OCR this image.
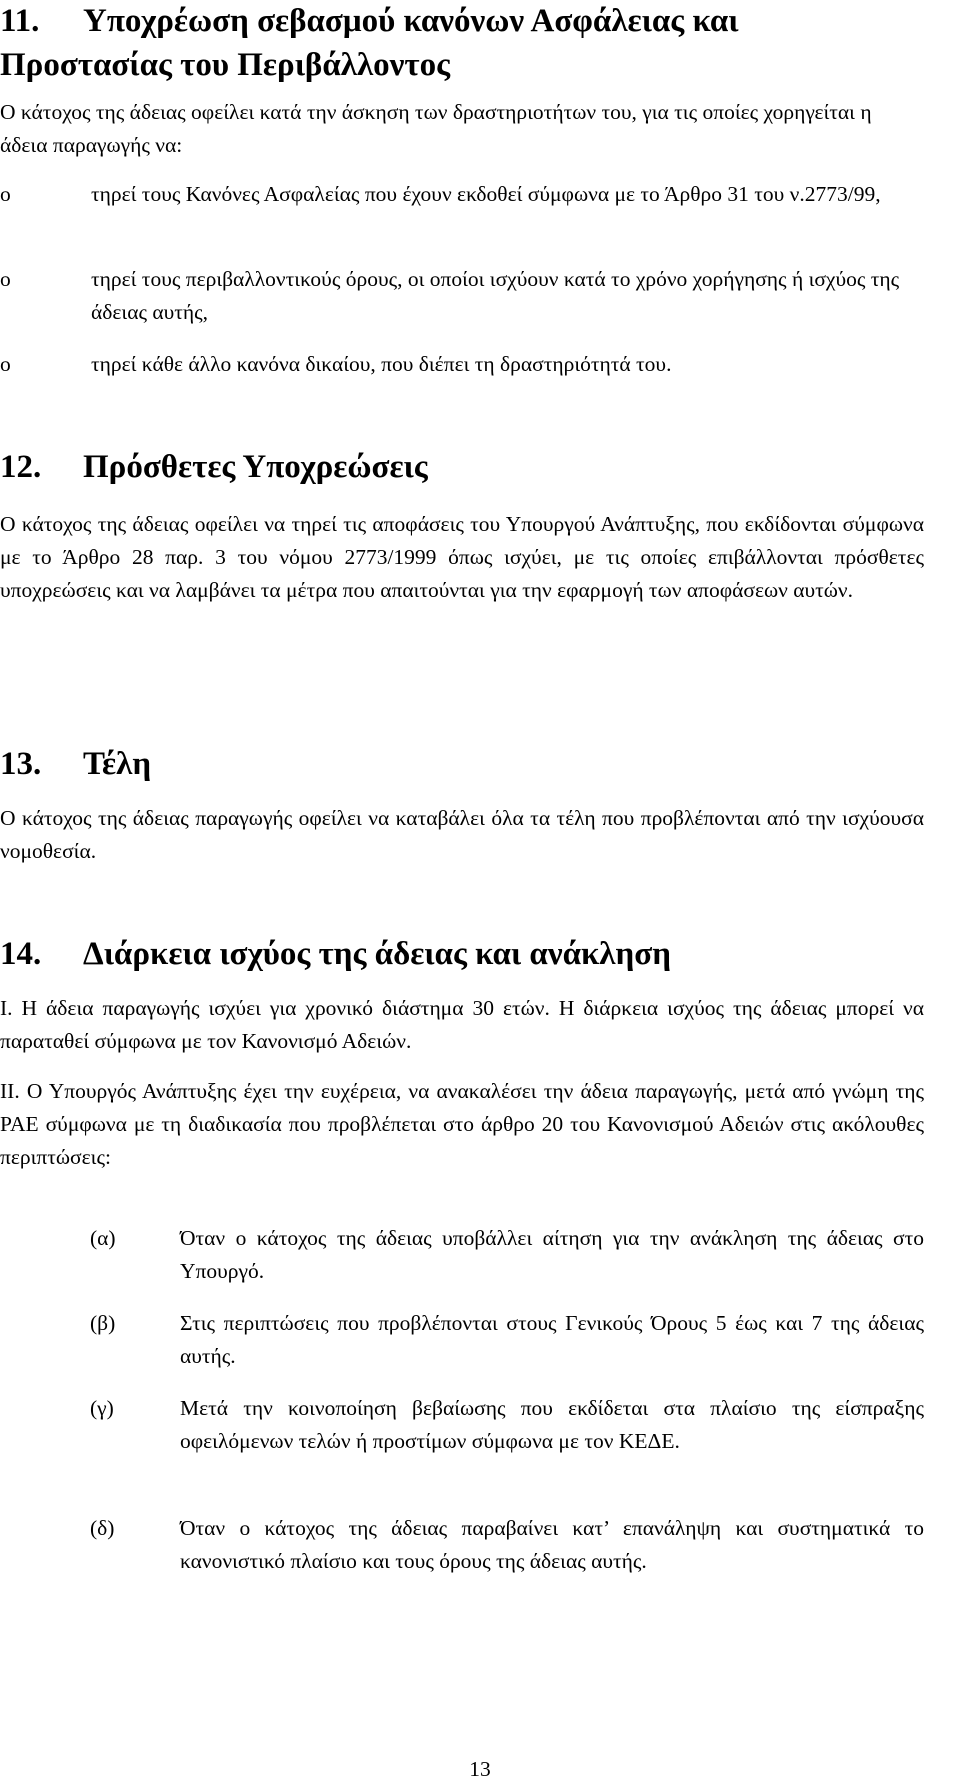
11. Υποχρέωση σεβασμού κανόνων Ασφάλειας και
Προστασίας του Περιβάλλοντος

Ο κάτοχος της άδειας οφείλει κατά την άσκηση των δραστηριοτήτων του, για τις οποίες χορηγείται η άδεια παραγωγής να:

o	τηρεί τους Κανόνες Ασφαλείας που έχουν εκδοθεί σύμφωνα με το Άρθρο 31 του ν.2773/99,
o	τηρεί τους περιβαλλοντικούς όρους, οι οποίοι ισχύουν κατά το χρόνο χορήγησης ή ισχύος της άδειας αυτής,
o	τηρεί κάθε άλλο κανόνα δικαίου, που διέπει τη δραστηριότητά του.
12. Πρόσθετες Υποχρεώσεις

Ο κάτοχος της άδειας οφείλει να τηρεί τις αποφάσεις του Υπουργού Ανάπτυξης, που εκδίδονται σύμφωνα με το Άρθρο 28 παρ. 3 του νόμου 2773/1999 όπως ισχύει, με τις οποίες επιβάλλονται πρόσθετες υποχρεώσεις και να λαμβάνει τα μέτρα που απαιτούνται για την εφαρμογή των αποφάσεων αυτών.

13. Τέλη

Ο κάτοχος της άδειας παραγωγής οφείλει να καταβάλει όλα τα τέλη που προβλέπονται από την ισχύουσα νομοθεσία.

14. Διάρκεια ισχύος της άδειας και ανάκληση

Ι. Η άδεια παραγωγής ισχύει για χρονικό διάστημα 30 ετών. Η διάρκεια ισχύος της άδειας μπορεί να παραταθεί σύμφωνα με τον Κανονισμό Αδειών.

ΙΙ. Ο Υπουργός Ανάπτυξης έχει την ευχέρεια, να ανακαλέσει την άδεια παραγωγής, μετά από γνώμη της ΡΑΕ σύμφωνα με τη διαδικασία που προβλέπεται στο άρθρο 20 του Κανονισμού Αδειών στις ακόλουθες περιπτώσεις:

(α)	Όταν ο κάτοχος της άδειας υποβάλλει αίτηση για την ανάκληση της άδειας στο Υπουργό.
(β)	Στις περιπτώσεις που προβλέπονται στους Γενικούς Όρους 5 έως και 7 της άδειας αυτής.
(γ)	Μετά την κοινοποίηση βεβαίωσης που εκδίδεται στα πλαίσιο της είσπραξης οφειλόμενων τελών ή προστίμων σύμφωνα με τον ΚΕΔΕ.
(δ)	Όταν ο κάτοχος της άδειας παραβαίνει κατ’ επανάληψη και συστηματικά το κανονιστικό πλαίσιο και τους όρους της άδειας αυτής.
13
